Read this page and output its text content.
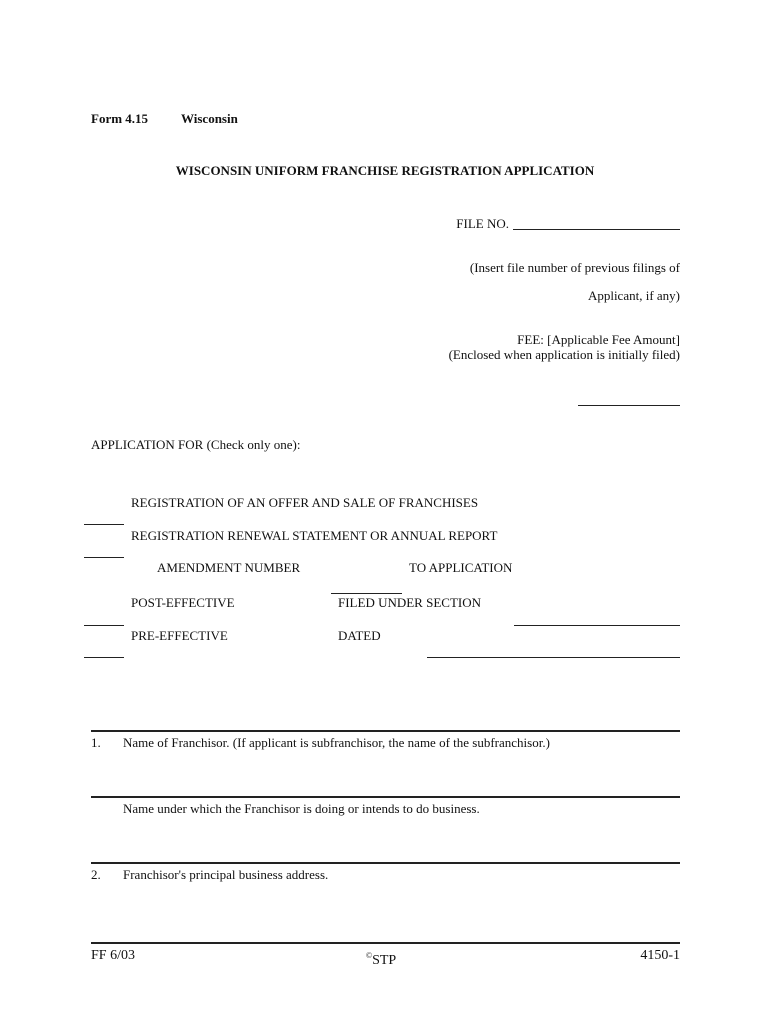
Form 4.15	Wisconsin
WISCONSIN UNIFORM FRANCHISE REGISTRATION APPLICATION
FILE NO.
(Insert file number of previous filings of
Applicant, if any)
FEE: [Applicable Fee Amount]
(Enclosed when application is initially filed)
APPLICATION FOR (Check only one):
REGISTRATION OF AN OFFER AND SALE OF FRANCHISES
REGISTRATION RENEWAL STATEMENT OR ANNUAL REPORT
AMENDMENT NUMBER	TO APPLICATION
POST-EFFECTIVE	FILED UNDER SECTION
PRE-EFFECTIVE	DATED
1. Name of Franchisor. (If applicant is subfranchisor, the name of the subfranchisor.)
Name under which the Franchisor is doing or intends to do business.
2. Franchisor's principal business address.
FF 6/03	©STP	4150-1
